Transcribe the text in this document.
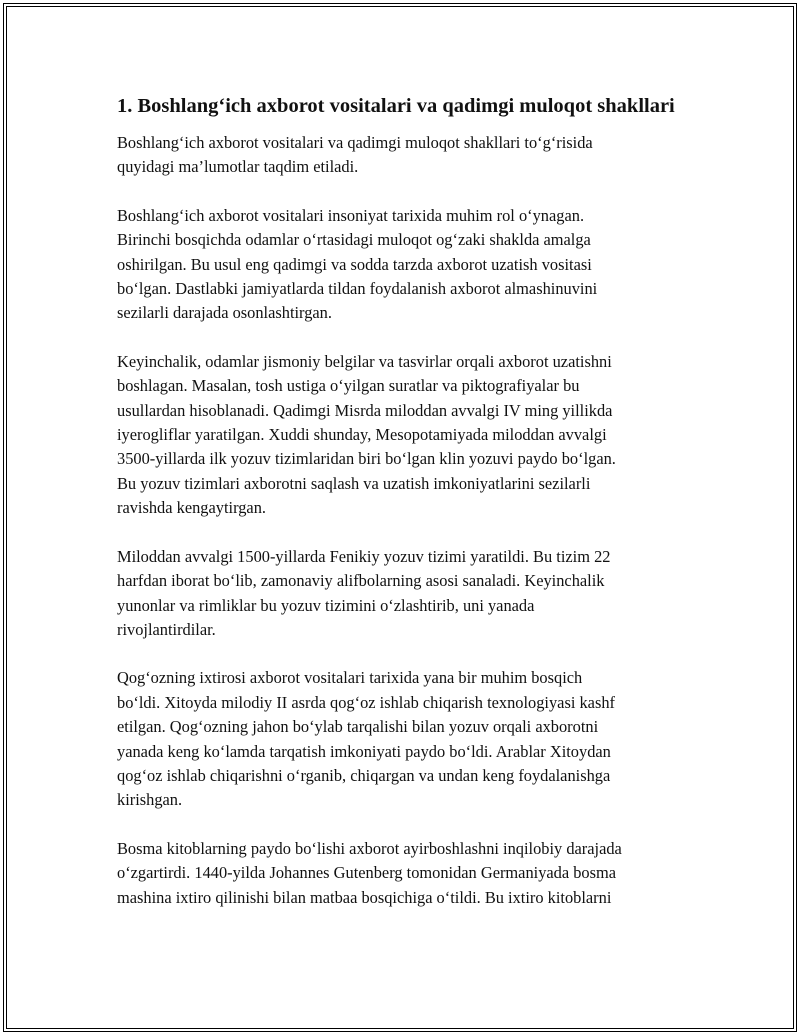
1. Boshlang‘ich axborot vositalari va qadimgi muloqot shakllari

Boshlang‘ich axborot vositalari va qadimgi muloqot shakllari to‘g‘risida
quyidagi ma’lumotlar taqdim etiladi.

Boshlang‘ich axborot vositalari insoniyat tarixida muhim rol o‘ynagan.
Birinchi bosqichda odamlar o‘rtasidagi muloqot og‘zaki shaklda amalga
oshirilgan. Bu usul eng qadimgi va sodda tarzda axborot uzatish vositasi
bo‘lgan. Dastlabki jamiyatlarda tildan foydalanish axborot almashinuvini
sezilarli darajada osonlashtirgan.

Keyinchalik, odamlar jismoniy belgilar va tasvirlar orqali axborot uzatishni
boshlagan. Masalan, tosh ustiga o‘yilgan suratlar va piktografiyalar bu
usullardan hisoblanadi. Qadimgi Misrda miloddan avvalgi IV ming yillikda
iyerogliflar yaratilgan. Xuddi shunday, Mesopotamiyada miloddan avvalgi
3500-yillarda ilk yozuv tizimlaridan biri bo‘lgan klin yozuvi paydo bo‘lgan.
Bu yozuv tizimlari axborotni saqlash va uzatish imkoniyatlarini sezilarli
ravishda kengaytirgan.

Miloddan avvalgi 1500-yillarda Fenikiy yozuv tizimi yaratildi. Bu tizim 22
harfdan iborat bo‘lib, zamonaviy alifbolarning asosi sanaladi. Keyinchalik
yunonlar va rimliklar bu yozuv tizimini o‘zlashtirib, uni yanada
rivojlantirdilar.

Qog‘ozning ixtirosi axborot vositalari tarixida yana bir muhim bosqich
bo‘ldi. Xitoyda milodiy II asrda qog‘oz ishlab chiqarish texnologiyasi kashf
etilgan. Qog‘ozning jahon bo‘ylab tarqalishi bilan yozuv orqali axborotni
yanada keng ko‘lamda tarqatish imkoniyati paydo bo‘ldi. Arablar Xitoydan
qog‘oz ishlab chiqarishni o‘rganib, chiqargan va undan keng foydalanishga
kirishgan.

Bosma kitoblarning paydo bo‘lishi axborot ayirboshlashni inqilobiy darajada
o‘zgartirdi. 1440-yilda Johannes Gutenberg tomonidan Germaniyada bosma
mashina ixtiro qilinishi bilan matbaa bosqichiga o‘tildi. Bu ixtiro kitoblarni
